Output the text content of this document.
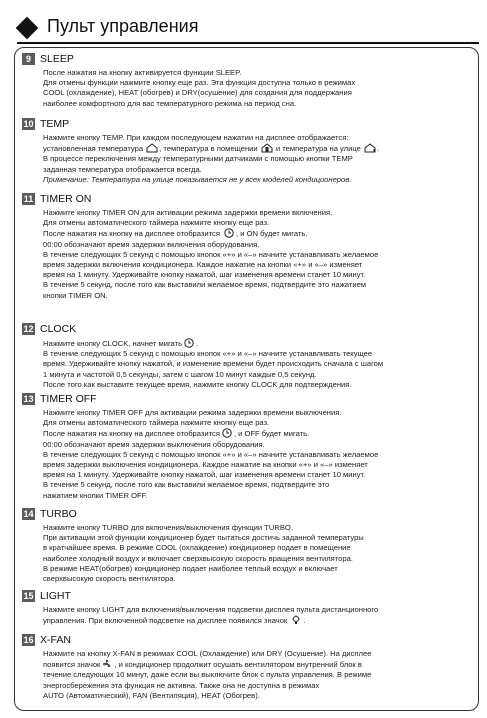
Пульт управления
9 SLEEP
После нажатия на кнопку активируется функции SLEEP.
Для отмены функции нажмите кнопку еще раз. Эта функция доступна только в режимах
COOL (охлаждение), HEAT (обогрев) и DRY(осушение) для создания для поддержания
наиболее комфортного для вас температурного режима на период сна.
10 TEMP
Нажмите кнопку TEMP. При каждом последующем нажатии на дисплее отображается:
установленная температура
, температура в помещении
и температура на улице
.
В процессе переключения между температурными датчиками с помощью кнопки TEMP
заданная температура отображается всегда.
Примечание: Температура на улице показывается не у всех моделей кондиционеров.
11 TIMER ON
Нажмите кнопку TIMER ON для активации режима задержки времени включения.
Для отмены автоматического таймера нажмите кнопку еще раз.
После нажатия на кнопку на дисплее отобразится
, и ON будет мигать.
00:00 обозначают время задержки включения оборудования.
В течение следующих 5 секунд с помощью кнопок «+» и «–» начните устанавливать желаемое
время задержки включения кондиционера. Каждое нажатие на кнопки «+» и «–» изменяет
время на 1 минуту. Удерживайте кнопку нажатой, шаг изменения времени станет 10 минут.
В течение 5 секунд, после того как выставили желаемое время, подтвердите это нажатием
кнопки TIMER ON.
12 CLOCK
Нажмите кнопку CLOCK, начнет мигать .
В течение следующих 5 секунд с помощью кнопок «+» и «–» начните устанавливать текущее
время. Удерживайте кнопку нажатой, и изменение времени будет происходить сначала с шагом
1 минута и частотой 0,5 секунды, затем с шагом 10 минут каждые 0,5 секунд.
После того как выставите текущее время, нажмите кнопку CLOCK для подтверждения.
13 TIMER OFF
Нажмите кнопку TIMER OFF для активации режима задержки времени выключения.
Для отмены автоматического таймера нажмите кнопку еще раз.
После нажатия на кнопку на дисплее отобразится , и OFF будет мигать.
00:00 обозначают время задержки выключения оборудования.
В течение следующих 5 секунд с помощью кнопок «+» и «–» начните устанавливать желаемое
время задержки выключения кондиционера. Каждое нажатие на кнопки «+» и «–» изменяет
время на 1 минуту. Удерживайте кнопку нажатой, шаг изменения времени станет 10 минут.
В течение 5 секунд, после того как выставили желаемое время, подтвердите это
нажатием кнопки TIMER OFF.
14 TURBO
Нажмите кнопку TURBO для включения/выключения функции TURBO.
При активации этой функции кондиционер будет пытаться достичь заданной температуры
в кратчайшее время. В режиме COOL (охлаждение) кондиционер подает в помещение
наиболее холодный воздух и включает сверхвысокую скорость вращения вентилятора.
В режиме HEAT(обогрев) кондиционер подает наиболее теплый воздух и включает
сверхвысокую скорость вентилятора.
15 LIGHT
Нажмите кнопку LIGHT для включения/выключения подсветки дисплея пульта дистанционного
управления. При включенной подсветке на дисплее появился значок
.
16 X-FAN
Нажмите на кнопку X-FAN в режимах COOL (Охлаждение) или DRY (Осушение). На дисплее
появится значок , и кондиционер продолжит осушать вентилятором внутренний блок в
течение следующих 10 минут, даже если вы выключите блок с пульта управления. В режиме
энергосбережения эта функция не активна. Также она не доступна в режимах
AUTO (Автоматический), FAN (Вентиляция), HEAT (Обогрев).
